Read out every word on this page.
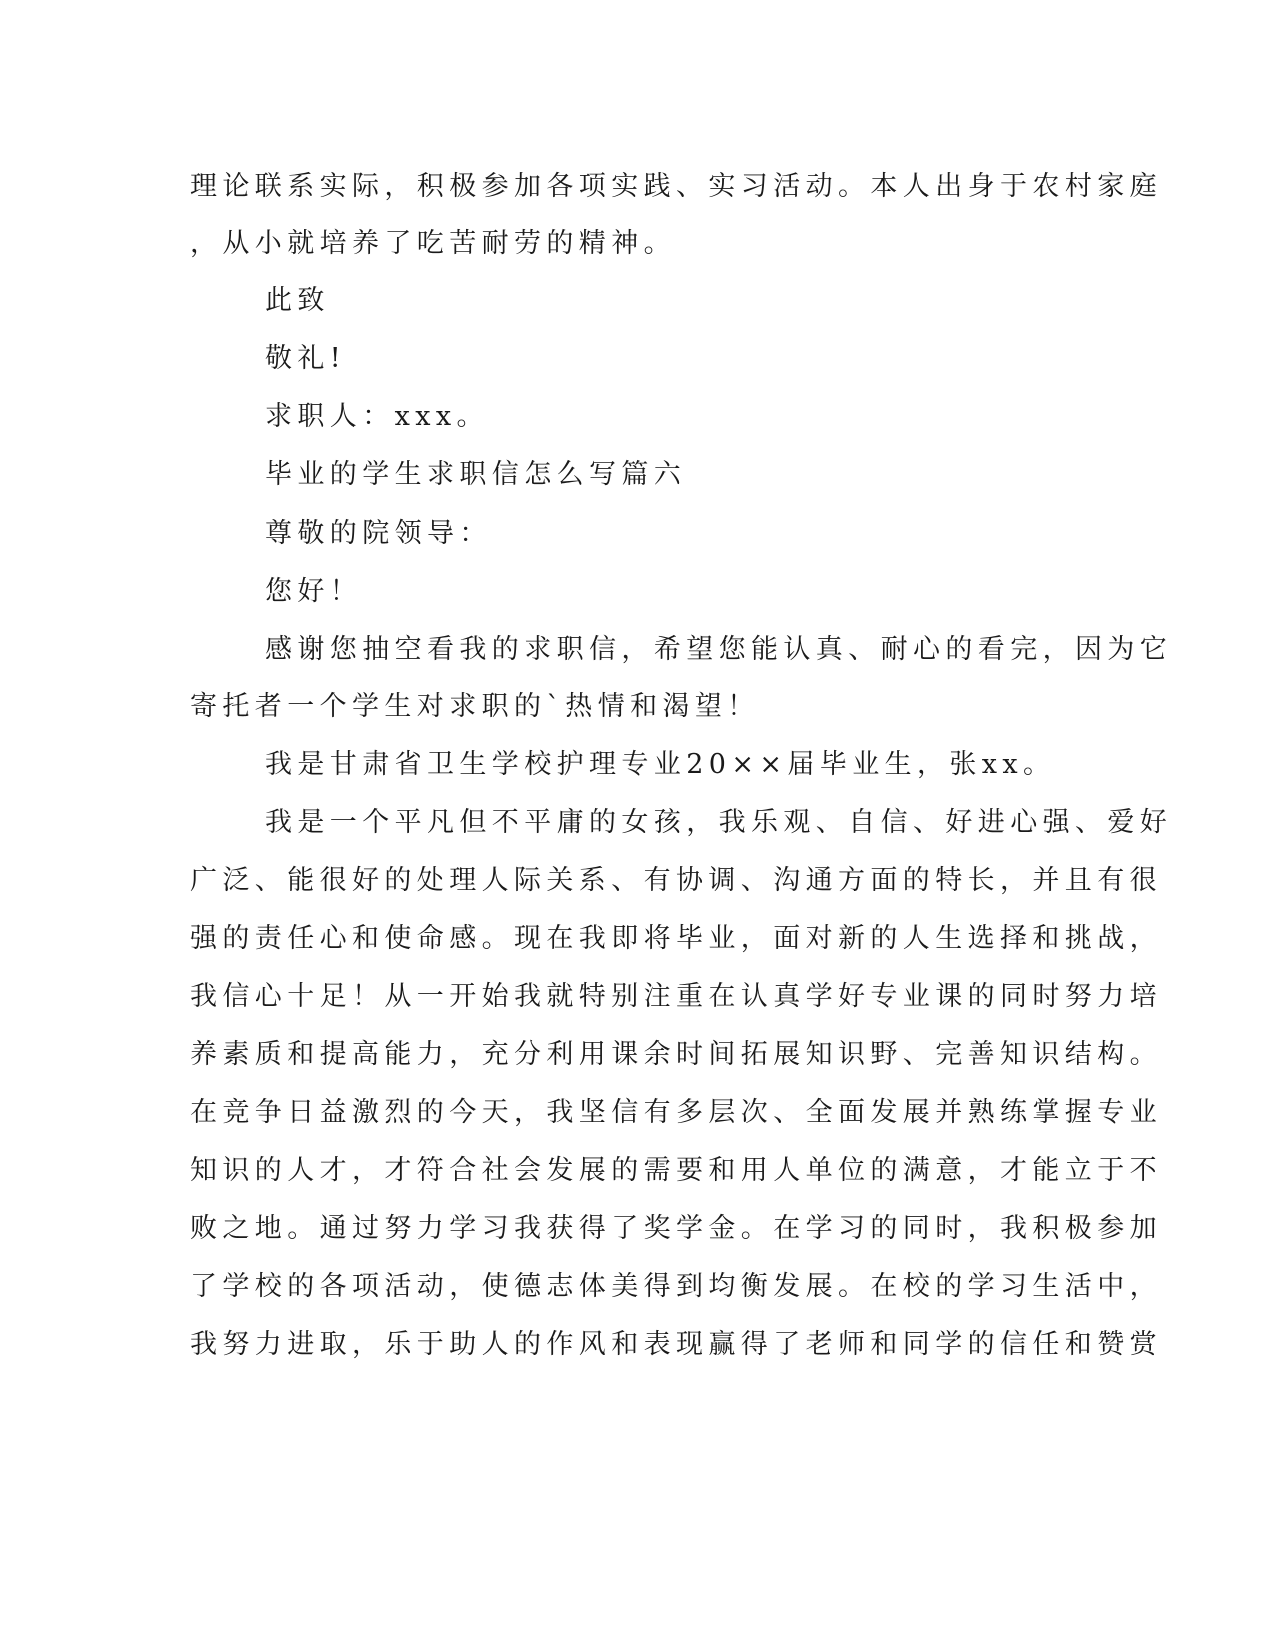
理论联系实际，积极参加各项实践、实习活动。本人出身于农村家庭

，从小就培养了吃苦耐劳的精神。

此致

敬礼!

求职人：xxx。

毕业的学生求职信怎么写篇六

尊敬的院领导：

您好！

感谢您抽空看我的求职信，希望您能认真、耐心的看完，因为它

寄托者一个学生对求职的`热情和渴望！

我是甘肃省卫生学校护理专业20××届毕业生，张xx。

我是一个平凡但不平庸的女孩，我乐观、自信、好进心强、爱好

广泛、能很好的处理人际关系、有协调、沟通方面的特长，并且有很

强的责任心和使命感。现在我即将毕业，面对新的人生选择和挑战，

我信心十足！从一开始我就特别注重在认真学好专业课的同时努力培

养素质和提高能力，充分利用课余时间拓展知识野、完善知识结构。

在竞争日益激烈的今天，我坚信有多层次、全面发展并熟练掌握专业

知识的人才，才符合社会发展的需要和用人单位的满意，才能立于不

败之地。通过努力学习我获得了奖学金。在学习的同时，我积极参加

了学校的各项活动，使德志体美得到均衡发展。在校的学习生活中，

我努力进取，乐于助人的作风和表现赢得了老师和同学的信任和赞赏
